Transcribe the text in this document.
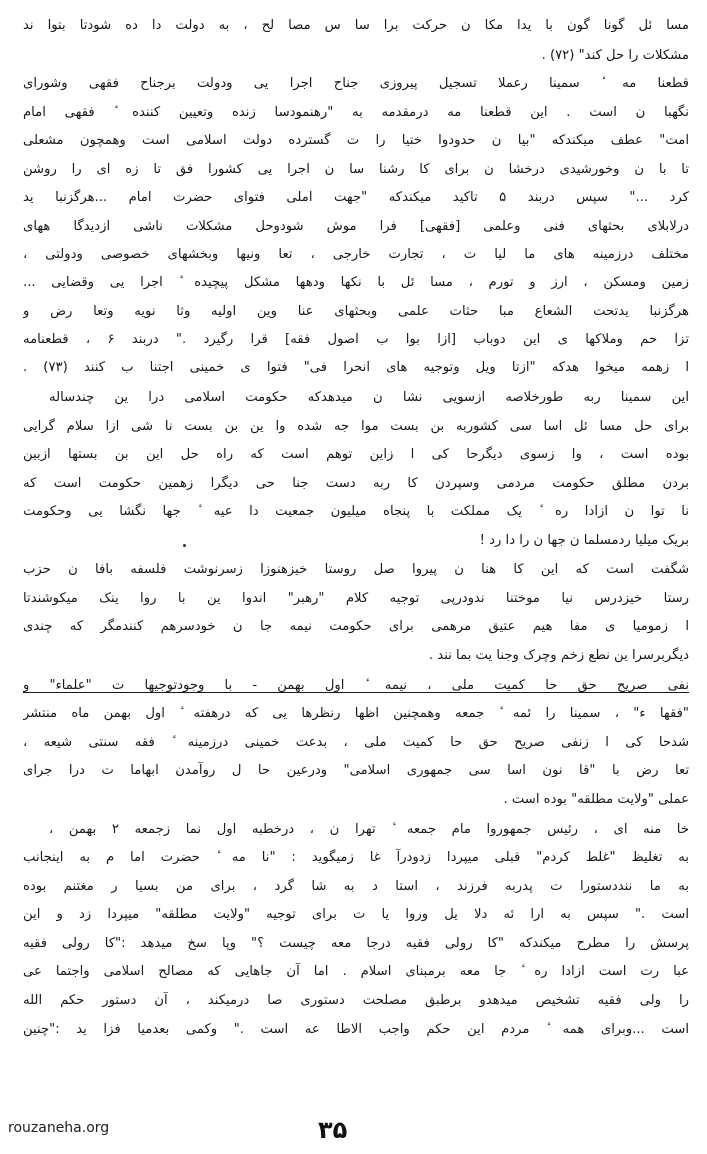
مسا ئل گونا گون با یدا مکا ن حرکت برا سا س مصا لح ، به دولت دا ده شودتا بتوا ند
مشکلات را حل کند" (۷۲) .
قطعنا مه ٔ سمینا رعملا تسجیل پیروزی جناح اجرا یی ودولت برجناح فقهی وشورای
نگهبا ن است . این قطعنا مه درمقدمه به "رهنمودسا زنده وتعیین کننده ٔ فقهی امام
امت" عطف میکندکه "بیا ن حدودوا ختیا را ت گسترده دولت اسلامی است وهمچون مشعلی
تا با ن وخورشیدی درخشا ن برای کا رشنا سا ن اجرا یی کشورا فق تا زه ای را روشن
کرد ..." سپس دربند ۵ تاکید میکندکه "جهت املی فتوای حضرت امام ...هرگزنبا ید
درلابلای بحثهای فنی وعلمی [فقهی] فرا موش شودوحل مشکلات ناشی ازدیدگا ههای
مختلف درزمینه های ما لیا ت ، تجارت خارجی ، تعا ونیها وبخشهای خصوصی ودولتی ،
زمین ومسکن ، ارز و تورم ، مسا ئل با نکها ودهها مشکل پیچیده ٔ اجرا یی وقضایی ...
هرگزنبا یدتحت الشعاع مبا حثات علمی وبحثهای عنا وین اولیه وثا نویه وتعا رض و
تزا حم وملاکها ی این دوباب [ازا بوا ب اصول فقه] قرا رگیرد ." دربند ۶ ، قطعنامه
ا زهمه میخوا هدکه "ازتا ویل وتوجیه های انحرا فی" فتوا ی خمینی اجتنا ب کنند (۷۳) .
این سمینا ربه طورخلاصه ازسویی نشا ن میدهدکه حکومت اسلامی درا ین چندساله
برای حل مسا ئل اسا سی کشوربه بن بست موا جه شده وا ین بن بست نا شی ازا سلام گرایی
بوده است ، وا زسوی دیگرحا کی ا زاین توهم است که راه حل این بن بستها ازبین
بردن مطلق حکومت مردمی وسپردن کا ربه دست جنا حی دیگرا زهمین حکومت است که
نا توا ن ازادا ره ٔ یک مملکت با پنجاه میلیون جمعیت دا عیه ٔ جها نگشا یی وحکومت
بریک میلیا ردمسلما ن جها ن را دا رد !
شگفت است که این کا هنا ن پیروا صل روستا خیزهنوزا زسرنوشت فلسفه بافا ن حزب
رستا خیزدرس نیا موختنا ندودرپی توجیه کلام "رهبر" اندوا ین با روا ینک میکوشندتا
ا زموميا ی مفا هیم عتیق مرهمی برای حکومت نیمه جا ن خودسرهم کنندمگر که چندی
دیگربرسرا ین نطع زخم وچرک وجنا یت بما نند .
نفی صریح حق حا کمیت ملی ، نیمه ٔ اول بهمن - با وجودتوجیها ت "علماء" و
"فقها ء" ، سمینا را ئمه ٔ جمعه وهمچنین اظها رنظرها یی که درهفته ٔ اول بهمن ماه منتشر
شدحا کی ا زنفی صریح حق حا کمیت ملی ، بدعت خمینی درزمینه ٔ فقه سنتی شیعه ،
تعا رض با "قا نون اسا سی جمهوری اسلامی" ودرعین حا ل روآمدن ابهاما ت درا جرای
عملی "ولایت مطلقه" بوده است .
خا منه ای ، رئیس جمهوروا مام جمعه ٔ تهرا ن ، درخطبه اول نما زجمعه ۲ بهمن ،
به تغلیظ "غلط کردم" قبلی میپردا زدودرآ غا زمیگوید : "نا مه ٔ حضرت اما م به اینجانب
به ما ننددستورا ت پدربه فرزند ، استا د به شا گرد ، برای من بسیا ر مغتنم بوده
است ." سپس به ارا ئه دلا یل وروا یا ت برای توجیه "ولایت مطلقه" میپردا زد و این
پرسش را مطرح میکندکه "کا رولی فقیه درجا معه چیست ؟" وپا سخ میدهد :"کا رولی فقیه
عبا رت است ازادا ره ٔ جا معه برمبنای اسلام . اما آن جاهایی که مصالح اسلامی واجتما عی
را ولی فقیه تشخیص میدهدو برطبق مصلحت دستوری صا درمیکند ، آن دستور حکم الله
است ...وبرای همه ٔ مردم این حکم واجب الاطا عه است ." وکمی بعدمیا فزا ید :"چنین
rouzaneha.org	۳۵
